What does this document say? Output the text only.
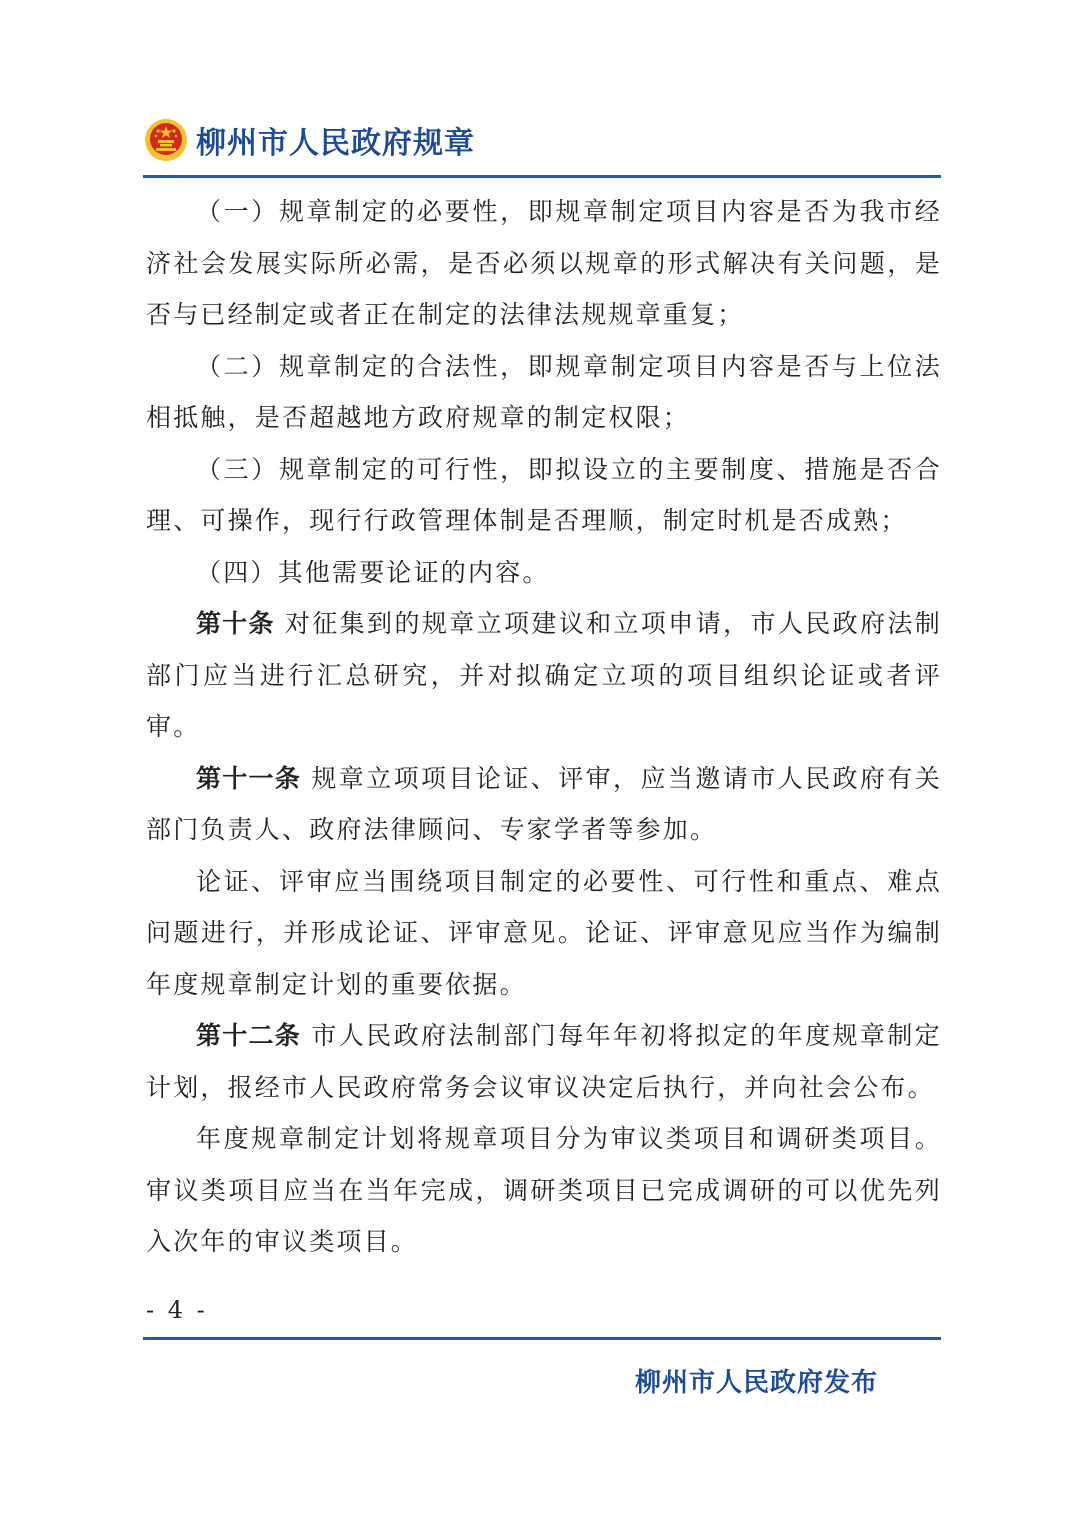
柳州市人民政府规章

（一）规章制定的必要性，即规章制定项目内容是否为我市经济社会发展实际所必需，是否必须以规章的形式解决有关问题，是否与已经制定或者正在制定的法律法规规章重复；

（二）规章制定的合法性，即规章制定项目内容是否与上位法相抵触，是否超越地方政府规章的制定权限；

（三）规章制定的可行性，即拟设立的主要制度、措施是否合理、可操作，现行行政管理体制是否理顺，制定时机是否成熟；

（四）其他需要论证的内容。

第十条 对征集到的规章立项建议和立项申请，市人民政府法制部门应当进行汇总研究，并对拟确定立项的项目组织论证或者评审。

第十一条 规章立项项目论证、评审，应当邀请市人民政府有关部门负责人、政府法律顾问、专家学者等参加。

论证、评审应当围绕项目制定的必要性、可行性和重点、难点问题进行，并形成论证、评审意见。论证、评审意见应当作为编制年度规章制定计划的重要依据。

第十二条 市人民政府法制部门每年年初将拟定的年度规章制定计划，报经市人民政府常务会议审议决定后执行，并向社会公布。

年度规章制定计划将规章项目分为审议类项目和调研类项目。审议类项目应当在当年完成，调研类项目已完成调研的可以优先列入次年的审议类项目。

- 4 -
柳州市人民政府发布
